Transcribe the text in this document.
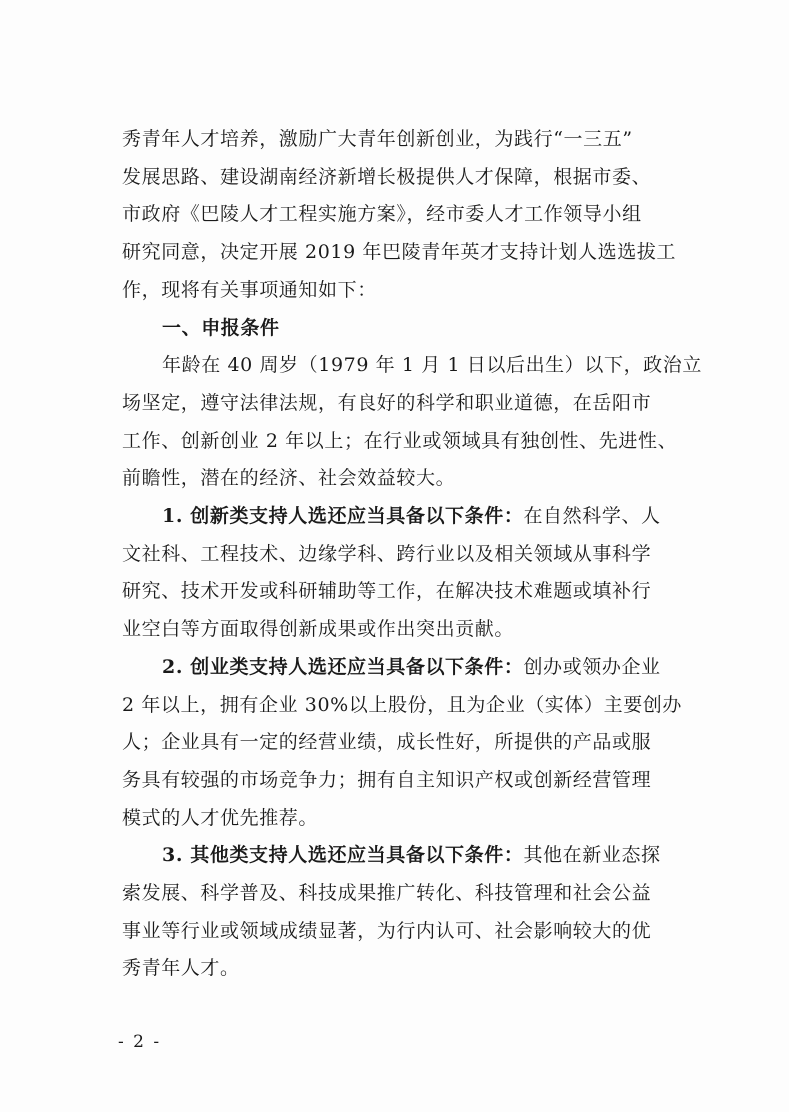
秀青年人才培养，激励广大青年创新创业，为践行“一三五”
发展思路、建设湖南经济新增长极提供人才保障，根据市委、
市政府《巴陵人才工程实施方案》，经市委人才工作领导小组
研究同意，决定开展 2019 年巴陵青年英才支持计划人选选拔工
作，现将有关事项通知如下：
一、申报条件
年龄在 40 周岁（1979 年 1 月 1 日以后出生）以下，政治立
场坚定，遵守法律法规，有良好的科学和职业道德，在岳阳市
工作、创新创业 2 年以上；在行业或领域具有独创性、先进性、
前瞻性，潜在的经济、社会效益较大。
1. 创新类支持人选还应当具备以下条件：在自然科学、人
文社科、工程技术、边缘学科、跨行业以及相关领域从事科学
研究、技术开发或科研辅助等工作，在解决技术难题或填补行
业空白等方面取得创新成果或作出突出贡献。
2. 创业类支持人选还应当具备以下条件：创办或领办企业
2 年以上，拥有企业 30%以上股份，且为企业（实体）主要创办
人；企业具有一定的经营业绩，成长性好，所提供的产品或服
务具有较强的市场竞争力；拥有自主知识产权或创新经营管理
模式的人才优先推荐。
3. 其他类支持人选还应当具备以下条件：其他在新业态探
索发展、科学普及、科技成果推广转化、科技管理和社会公益
事业等行业或领域成绩显著，为行内认可、社会影响较大的优
秀青年人才。
- 2 -
